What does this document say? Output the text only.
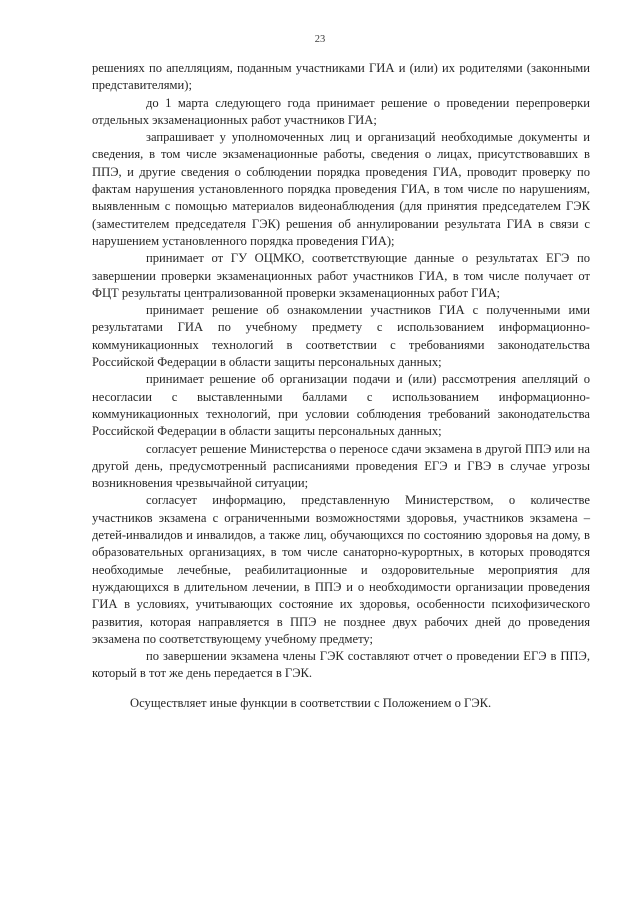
23

решениях по апелляциям, поданным участниками ГИА и (или) их родителями (законными представителями);

до 1 марта следующего года принимает решение о проведении перепроверки отдельных экзаменационных работ участников ГИА;

запрашивает у уполномоченных лиц и организаций необходимые документы и сведения, в том числе экзаменационные работы, сведения о лицах, присутствовавших в ППЭ, и другие сведения о соблюдении порядка проведения ГИА, проводит проверку по фактам нарушения установленного порядка проведения ГИА, в том числе по нарушениям, выявленным с помощью материалов видеонаблюдения (для принятия председателем ГЭК (заместителем председателя ГЭК) решения об аннулировании результата ГИА в связи с нарушением установленного порядка проведения ГИА);

принимает от ГУ ОЦМКО, соответствующие данные о результатах ЕГЭ по завершении проверки экзаменационных работ участников ГИА, в том числе получает от ФЦТ результаты централизованной проверки экзаменационных работ ГИА;

принимает решение об ознакомлении участников ГИА с полученными ими результатами ГИА по учебному предмету с использованием информационно-коммуникационных технологий в соответствии с требованиями законодательства Российской Федерации в области защиты персональных данных;

принимает решение об организации подачи и (или) рассмотрения апелляций о несогласии с выставленными баллами с использованием информационно-коммуникационных технологий, при условии соблюдения требований законодательства Российской Федерации в области защиты персональных данных;

согласует решение Министерства о переносе сдачи экзамена в другой ППЭ или на другой день, предусмотренный расписаниями проведения ЕГЭ и ГВЭ в случае угрозы возникновения чрезвычайной ситуации;

согласует информацию, представленную Министерством, о количестве участников экзамена с ограниченными возможностями здоровья, участников экзамена – детей-инвалидов и инвалидов, а также лиц, обучающихся по состоянию здоровья на дому, в образовательных организациях, в том числе санаторно-курортных, в которых проводятся необходимые лечебные, реабилитационные и оздоровительные мероприятия для нуждающихся в длительном лечении, в ППЭ и о необходимости организации проведения ГИА в условиях, учитывающих состояние их здоровья, особенности психофизического развития, которая направляется в ППЭ не позднее двух рабочих дней до проведения экзамена по соответствующему учебному предмету;

по завершении экзамена члены ГЭК составляют отчет о проведении ЕГЭ в ППЭ, который в тот же день передается в ГЭК.

Осуществляет иные функции в соответствии с Положением о ГЭК.
